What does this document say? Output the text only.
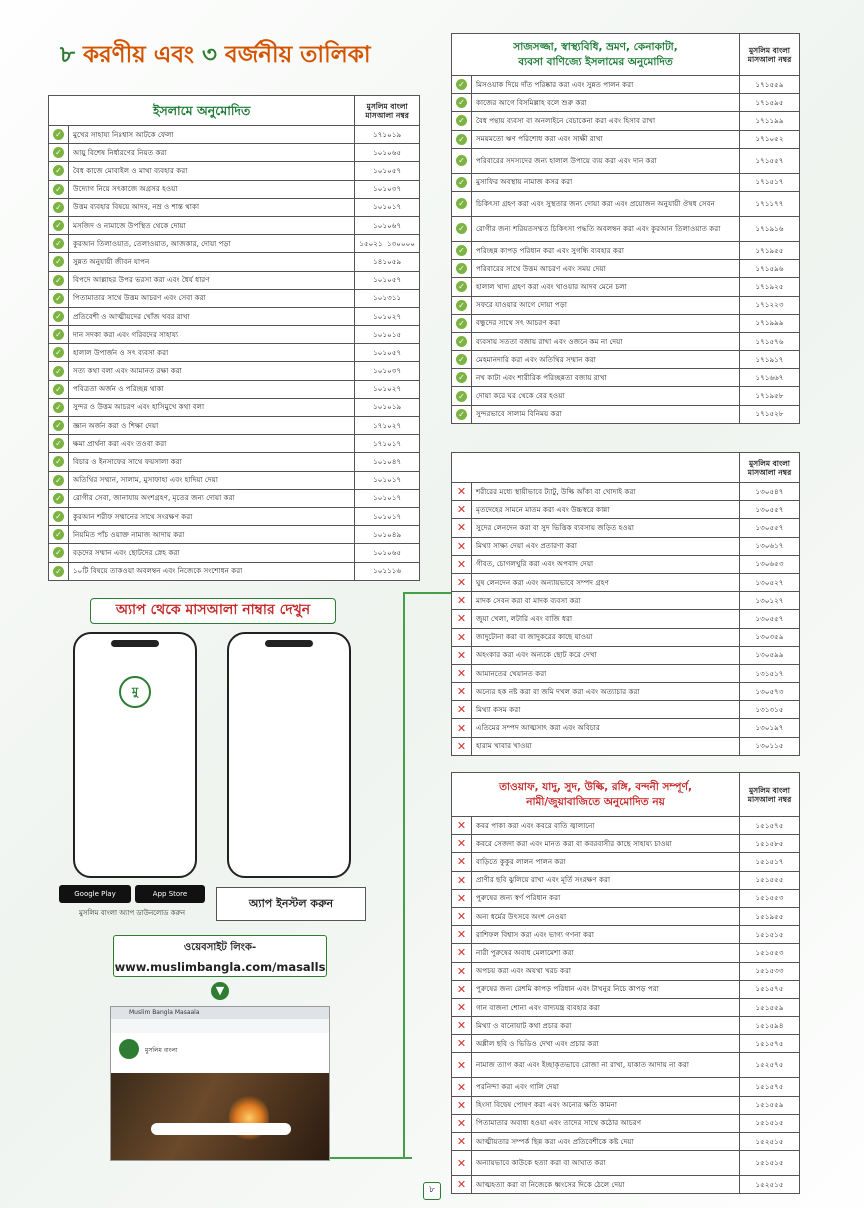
৮ করণীয় এবং ৩ বর্জনীয় তালিকা
ইসলামে অনুমোদিত		মুসলিম বাংলা মাসআলা নম্বর
✓	মুখের সাহায্য নিঃশ্বাস আটকে ফেলা	১৭১০১৯
✓	আয়ু বিশেষ নির্ধারণের নিয়ত করা	১০১০৬৫
✓	বৈধ কাজে মোবাইল ও মাথা ব্যবহার করা	১০১০৫৭
✓	উদ্যোগ নিয়ে সৎকাজে অগ্রসর হওয়া	১০১০৩৭
✓	উত্তম ব্যবহার বিষয়ে আদব, নম্র ও শান্ত থাকা	১০১০১৭
✓	মসজিদ ও নামাজে উপস্থিত থেকে দোয়া	১০১০৬৭
✓	কুরআন তিলাওয়াত, তেলাওয়াত, আজকার, দোয়া পড়া	১৫০২১ ১৩০০০০
✓	সুন্নত অনুযায়ী জীবন যাপন	১৪১০৫৯
✓	বিপদে আল্লাহর উপর ভরসা করা এবং ধৈর্য ধারণ	১০১০৫৭
✓	পিতামাতার সাথে উত্তম আচরণ এবং সেবা করা	১০১৩১১
✓	প্রতিবেশী ও আত্মীয়দের খোঁজ খবর রাখা	১০১০২৭
✓	দান সদকা করা এবং গরিবদের সাহায্য	১০১০১৫
✓	হালাল উপার্জন ও সৎ ব্যবসা করা	১০১০৫৭
✓	সত্য কথা বলা এবং আমানত রক্ষা করা	১০১০৩৭
✓	পবিত্রতা অর্জন ও পরিচ্ছন্ন থাকা	১০১০২৭
✓	সুন্দর ও উত্তম আচরণ এবং হাসিমুখে কথা বলা	১০১০১৯
✓	জ্ঞান অর্জন করা ও শিক্ষা দেয়া	১৭১০২৭
✓	ক্ষমা প্রার্থনা করা এবং তওবা করা	১৭১০১৭
✓	বিচার ও ইনসাফের সাথে ফয়সালা করা	১০১০৪৭
✓	অতিথির সম্মান, সালাম, মুসাফাহা এবং হাদিয়া দেয়া	১০১০১৭
✓	রোগীর সেবা, জানাযায় অংশগ্রহণ, মৃতের জন্য দোয়া করা	১০১০১৭
✓	কুরআন শরীফ সম্মানের সাথে সংরক্ষণ করা	১০১০১৭
✓	নিয়মিত পাঁচ ওয়াক্ত নামাজ আদায় করা	১০১০৪৯
✓	বড়দের সম্মান এবং ছোটদের স্নেহ করা	১০১০৬৫
✓	১০টি বিষয়ে তাকওয়া অবলম্বন এবং নিজেকে সংশোধন করা	১০১১১৬
সাজসজ্জা, স্বাস্থ্যবিধি, ভ্রমণ, কেনাকাটা,
ব্যবসা বাণিজ্যে ইসলামের অনুমোদিত		মুসলিম বাংলা মাসআলা নম্বর
✓	মিসওয়াক দিয়ে দাঁত পরিষ্কার করা এবং সুন্নত পালন করা	১৭১৫৫৯
✓	কাজের আগে বিসমিল্লাহ বলে শুরু করা	১৭১৫৯৫
✓	বৈধ পন্থায় ব্যবসা বা অনলাইনে বেচাকেনা করা এবং হিসাব রাখা	১৭১১৯৯
✓	সময়মতো ঋণ পরিশোধ করা এবং সাক্ষী রাখা	১৭১০৫২
✓	পরিবারের সদস্যদের জন্য হালাল উপায়ে ব্যয় করা এবং দান করা	১৭১৫৫৭
✓	মুসাফির অবস্থায় নামাজ কসর করা	১৭১৫১৭
✓	চিকিৎসা গ্রহণ করা এবং সুস্থতার জন্য দোয়া করা এবং প্রয়োজন অনুযায়ী ঔষধ সেবন	১৭১১৭৭
✓	রোগীর জন্য শরিয়তসম্মত চিকিৎসা পদ্ধতি অবলম্বন করা এবং কুরআন তিলাওয়াত করা	১৭১৯১৬
✓	পরিচ্ছন্ন কাপড় পরিধান করা এবং সুগন্ধি ব্যবহার করা	১৭১৯৫৫
✓	পরিবারের সাথে উত্তম আচরণ এবং সময় দেয়া	১৭১৫৯৬
✓	হালাল খাদ্য গ্রহণ করা এবং খাওয়ার আদব মেনে চলা	১৭১৯২৫
✓	সফরে যাওয়ার আগে দোয়া পড়া	১৭১২২৩
✓	বন্ধুদের সাথে সৎ আচরণ করা	১৭১৯৯৯
✓	ব্যবসায় সততা বজায় রাখা এবং ওজনে কম না দেয়া	১৭১৫৭৬
✓	মেহমানদারি করা এবং অতিথির সম্মান করা	১৭১৯১৭
✓	নখ কাটা এবং শারীরিক পরিচ্ছন্নতা বজায় রাখা	১৭১৬৬৭
✓	দোয়া করে ঘর থেকে বের হওয়া	১৭১৯৫৮
✓	সুন্দরভাবে সালাম বিনিময় করা	১৭১৫২৮
		মুসলিম বাংলা মাসআলা নম্বর
✕	শরীরের মধ্যে স্থায়ীভাবে ট্যাটু, উল্কি আঁকা বা খোদাই করা	১৩০৫৪৭
✕	মৃতদেহের সামনে মাতম করা এবং উচ্চস্বরে কান্না	১৩০৫৫৭
✕	সুদের লেনদেন করা বা সুদ ভিত্তিক ব্যবসায় জড়িত হওয়া	১৩০৫৫৭
✕	মিথ্যা সাক্ষ্য দেয়া এবং প্রতারণা করা	১৩০৬১৭
✕	গীবত, চোগলখুরি করা এবং অপবাদ দেয়া	১৩০৬৫৩
✕	ঘুষ লেনদেন করা এবং অন্যায়ভাবে সম্পদ গ্রহণ	১৩০৫২৭
✕	মাদক সেবন করা বা মাদক ব্যবসা করা	১৩০১২৭
✕	জুয়া খেলা, লটারি এবং বাজি ধরা	১৩০৫৫৭
✕	জাদুটোনা করা বা জাদুকরের কাছে যাওয়া	১৩০৩৫৯
✕	অহংকার করা এবং অন্যকে ছোট করে দেখা	১৩০৫৯৯
✕	আমানতের খেয়ানত করা	১৩১৫১৭
✕	অন্যের হক নষ্ট করা বা জমি দখল করা এবং অত্যাচার করা	১৩০৫৭৩
✕	মিথ্যা কসম করা	১৩১৩১৫
✕	এতিমের সম্পদ আত্মসাৎ করা এবং অবিচার	১৩০১৯৭
✕	হারাম খাবার খাওয়া	১৩০১১৫
তাওয়াফ, যাদু, সুদ, উল্কি, রঙ্গি, বন্দনী সম্পূর্ণ,
নামী/জুয়াবাজিতে অনুমোদিত নয়		মুসলিম বাংলা মাসআলা নম্বর
✕	কবর পাকা করা এবং কবরে বাতি জ্বালানো	১৫১৫৭৫
✕	কবরে সেজদা করা এবং মানত করা বা কবরবাসীর কাছে সাহায্য চাওয়া	১৫১৫৮৫
✕	বাড়িতে কুকুর লালন পালন করা	১৫১৫১৭
✕	প্রাণীর ছবি ঝুলিয়ে রাখা এবং মূর্তি সংরক্ষণ করা	১৫১৫৫৫
✕	পুরুষের জন্য স্বর্ণ পরিধান করা	১৫১৫৫৩
✕	অন্য ধর্মের উৎসবে অংশ নেওয়া	১৫১৯৫৫
✕	রাশিফল বিশ্বাস করা এবং ভাগ্য গণনা করা	১৫১৫১৫
✕	নারী পুরুষের অবাধ মেলামেশা করা	১৫১৫৫৩
✕	অপচয় করা এবং অযথা খরচ করা	১৫১৫৩৩
✕	পুরুষের জন্য রেশমি কাপড় পরিধান এবং টাখনুর নিচে কাপড় পরা	১৫১৫৭৫
✕	গান বাজনা শোনা এবং বাদ্যযন্ত্র ব্যবহার করা	১৫১৫৫৯
✕	মিথ্যা ও বানোয়াট কথা প্রচার করা	১৫১৫৯৪
✕	অশ্লীল ছবি ও ভিডিও দেখা এবং প্রচার করা	১৫১৫৭৫
✕	নামাজ ত্যাগ করা এবং ইচ্ছাকৃতভাবে রোজা না রাখা, যাকাত আদায় না করা	১৫২৫৭৫
✕	পরনিন্দা করা এবং গালি দেয়া	১৫১৫৭৫
✕	হিংসা বিদ্বেষ পোষণ করা এবং অন্যের ক্ষতি কামনা	১৫১৫৫৯
✕	পিতামাতার অবাধ্য হওয়া এবং তাদের সাথে কঠোর আচরণ	১৫১৫১৫
✕	আত্মীয়তার সম্পর্ক ছিন্ন করা এবং প্রতিবেশীকে কষ্ট দেয়া	১৫২৫১৫
✕	অন্যায়ভাবে কাউকে হত্যা করা বা আঘাত করা	১৫১৫১৫
✕	আত্মহত্যা করা বা নিজেকে ধ্বংসের দিকে ঠেলে দেয়া	১৫২৫১৫
অ্যাপ থেকে মাসআলা নাম্বার দেখুন
মু
Google Play	App Store
মুসলিম বাংলা অ্যাপ ডাউনলোড করুন
অ্যাপ ইনস্টল করুন
ওয়েবসাইট লিংক-
www.muslimbangla.com/masalls
▼
Muslim Bangla Masaala
মুসলিম বাংলা
৮
